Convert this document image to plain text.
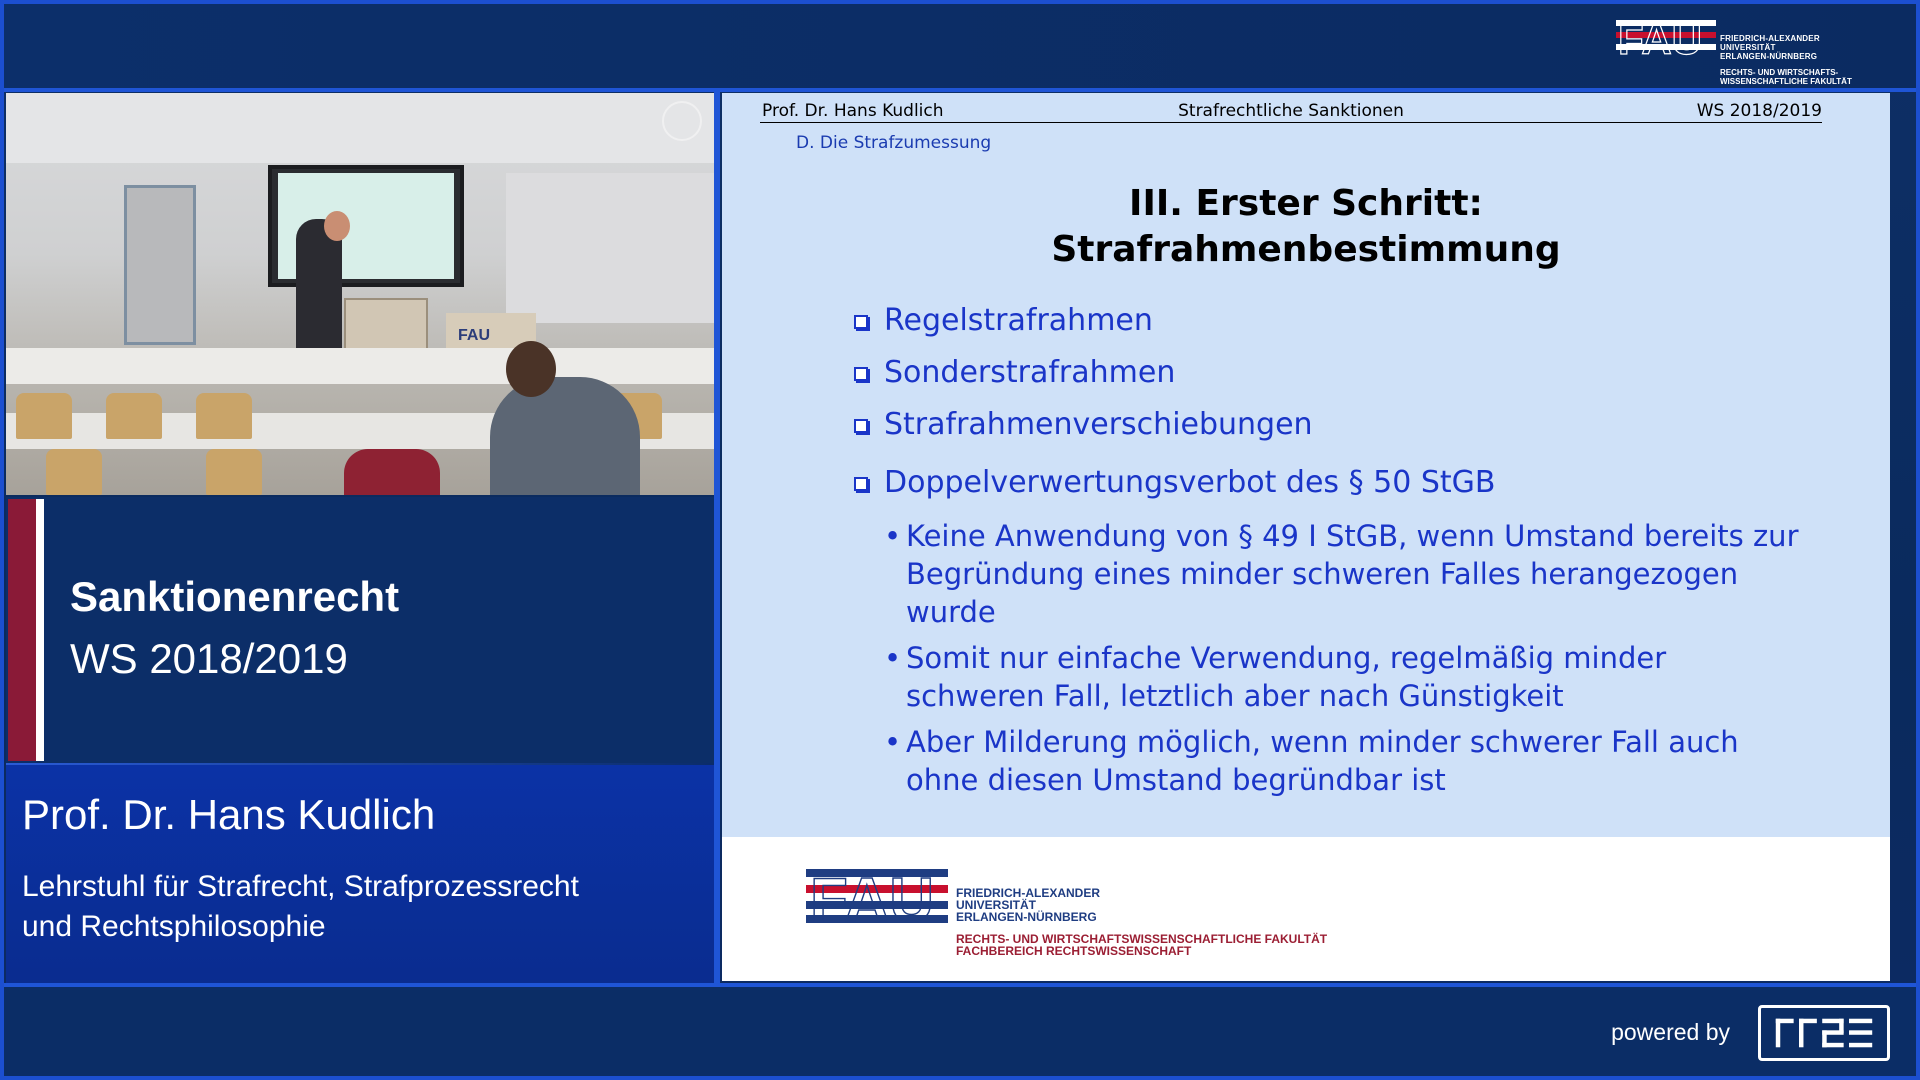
FAU FRIEDRICH-ALEXANDER
UNIVERSITÄT
ERLANGEN-NÜRNBERG
RECHTS- UND WIRTSCHAFTS-
WISSENSCHAFTLICHE FAKULTÄT
FAU
Sanktionenrecht
WS 2018/2019
Prof. Dr. Hans Kudlich
Lehrstuhl für Strafrecht, Strafprozessrecht
und Rechtsphilosophie
Prof. Dr. Hans Kudlich	Strafrechtliche Sanktionen	WS 2018/2019
D. Die Strafzumessung
III. Erster Schritt:
Strafrahmenbestimmung
Regelstrafrahmen
Sonderstrafrahmen
Strafrahmenverschiebungen
Doppelverwertungsverbot des § 50 StGB
• Keine Anwendung von § 49 I StGB, wenn Umstand bereits zur
Begründung eines minder schweren Falles herangezogen
wurde
• Somit nur einfache Verwendung, regelmäßig minder
schweren Fall, letztlich aber nach Günstigkeit
• Aber Milderung möglich, wenn minder schwerer Fall auch
ohne diesen Umstand begründbar ist
FAU FRIEDRICH-ALEXANDER
UNIVERSITÄT
ERLANGEN-NÜRNBERG
RECHTS- UND WIRTSCHAFTSWISSENSCHAFTLICHE FAKULTÄT
FACHBEREICH RECHTSWISSENSCHAFT
powered by
